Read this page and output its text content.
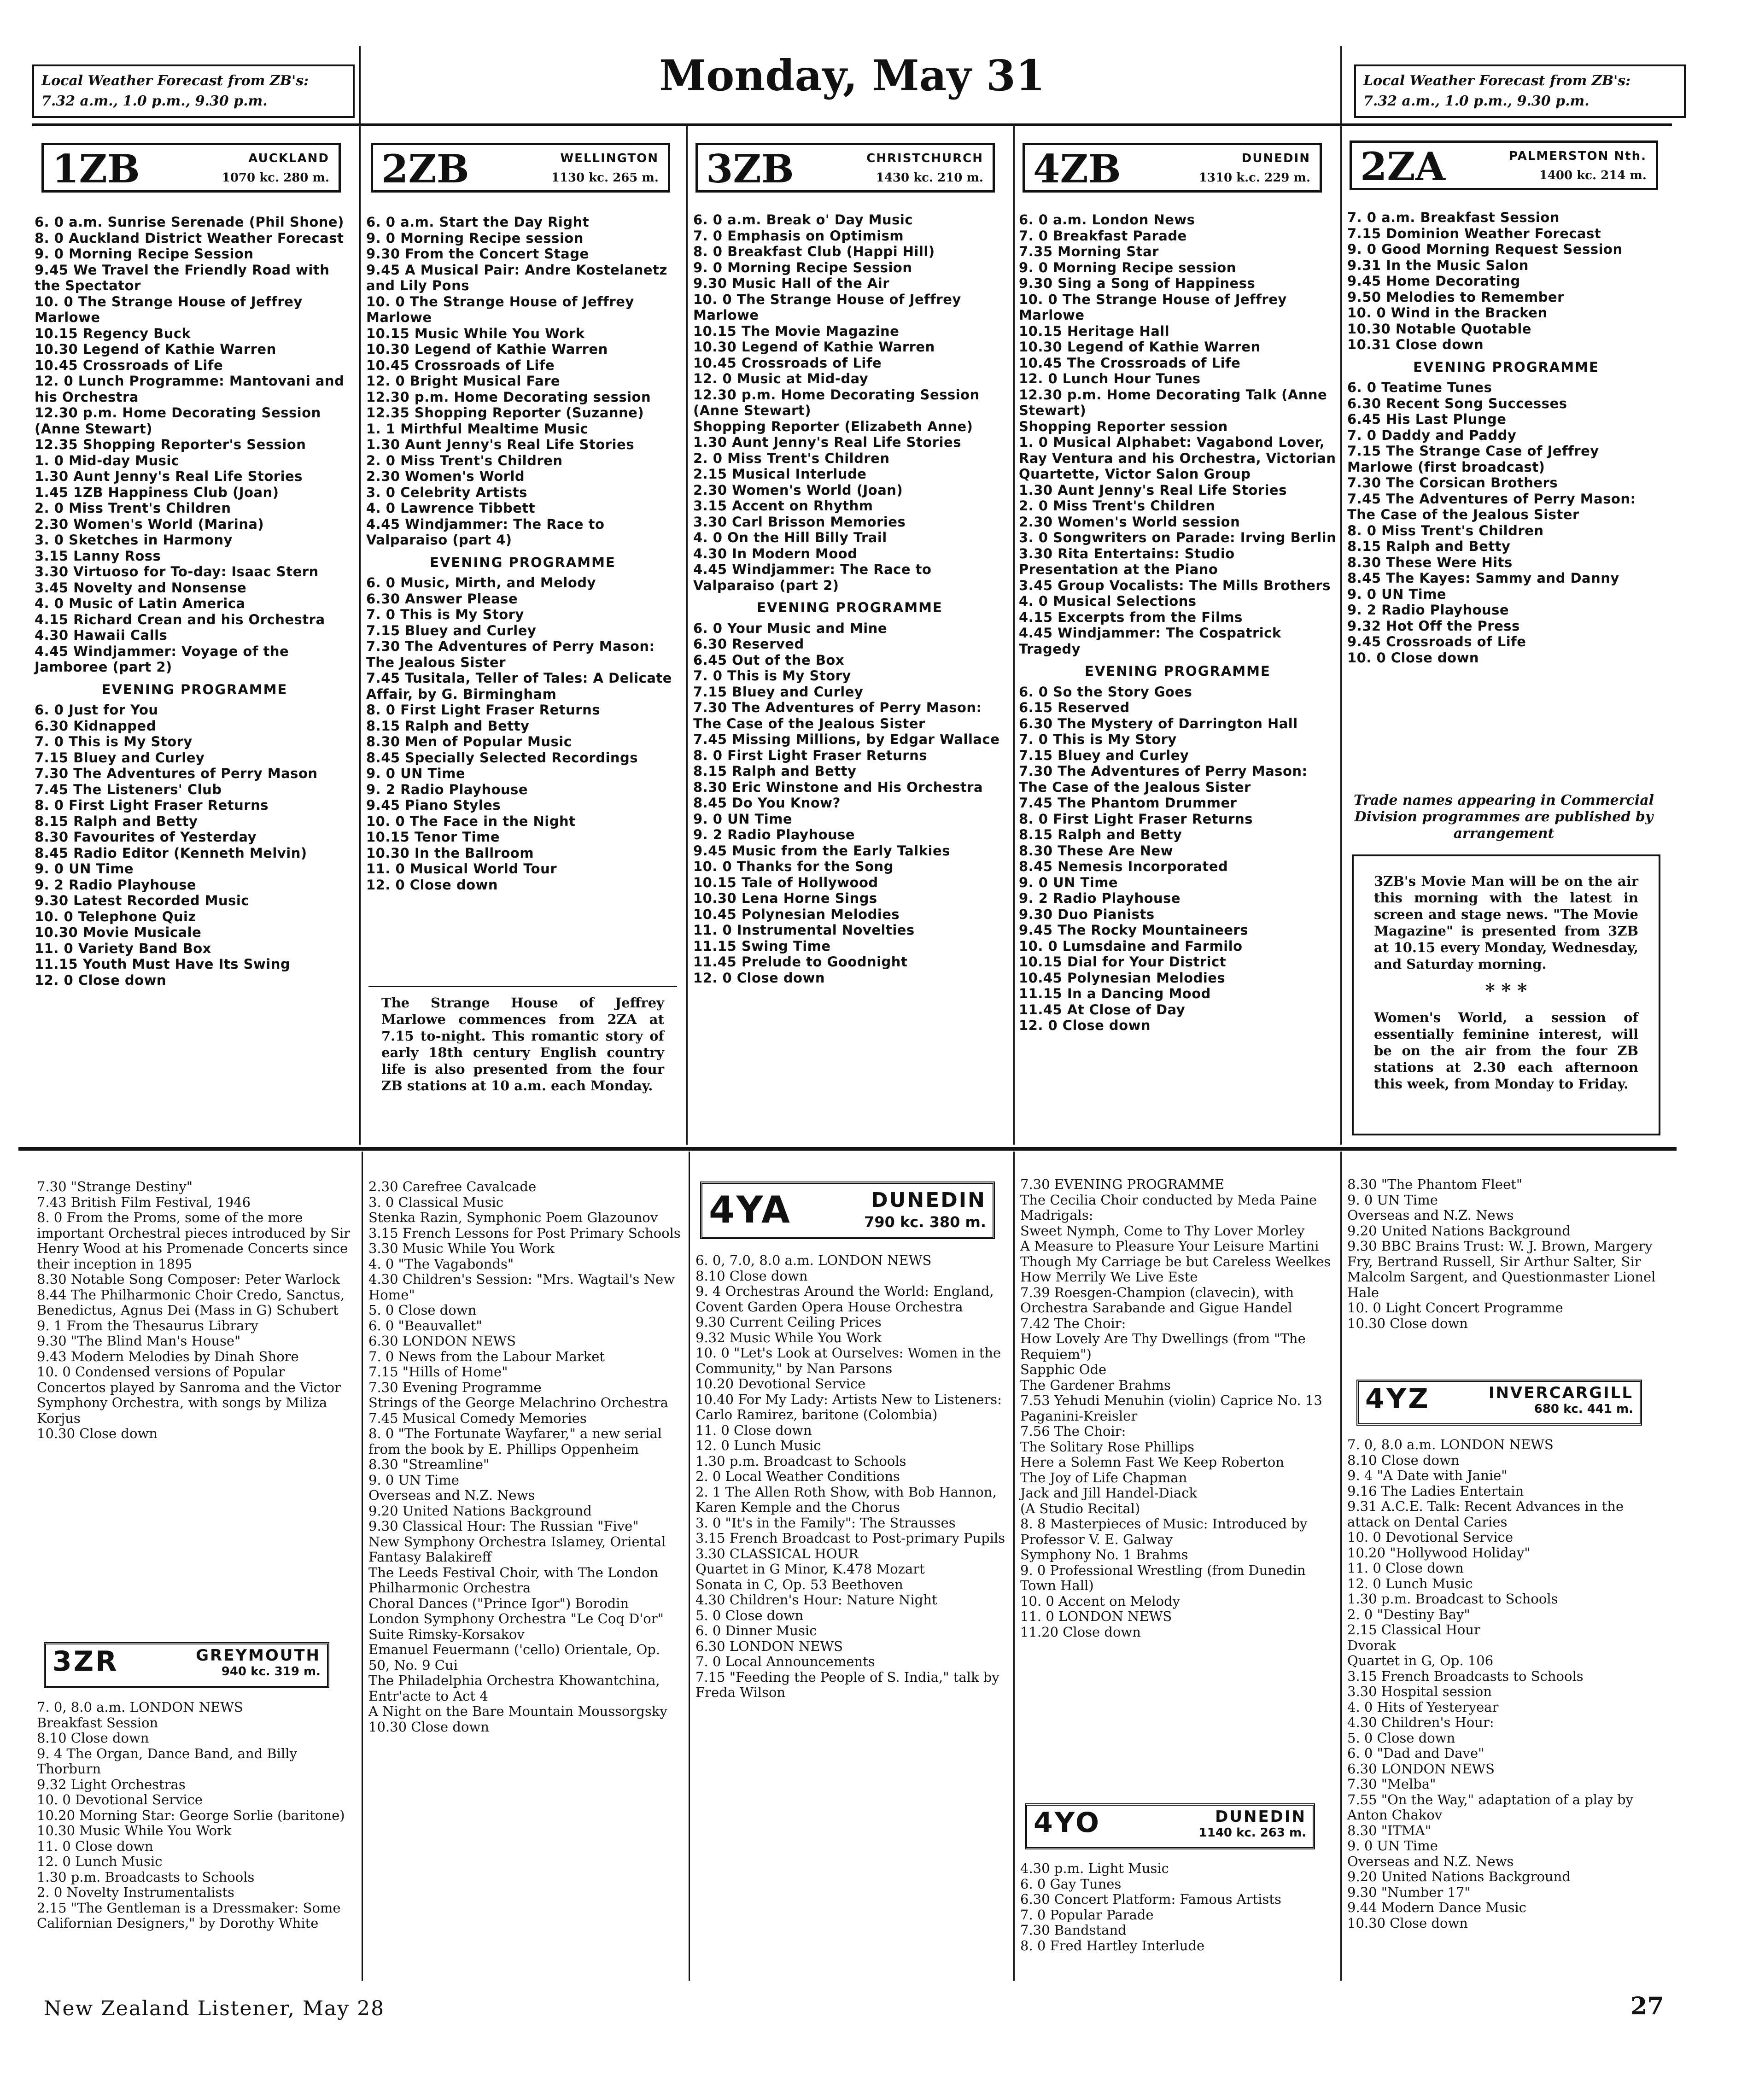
Local Weather Forecast from ZB's:
7.32 a.m., 1.0 p.m., 9.30 p.m.
Monday, May 31	Local Weather Forecast from ZB's:
7.32 a.m., 1.0 p.m., 9.30 p.m.
1ZB	AUCKLAND
1070 kc. 280 m. 2ZB	WELLINGTON
1130 kc. 265 m. 3ZB	CHRISTCHURCH
1430 kc. 210 m. 4ZB	DUNEDIN
1310 k.c. 229 m. 2ZA	PALMERSTON Nth.
1400 kc. 214 m.
6. 0 a.m. Sunrise Serenade (Phil Shone)
8. 0 Auckland District Weather Forecast
9. 0 Morning Recipe Session
9.45 We Travel the Friendly Road with the Spectator
10. 0 The Strange House of Jeffrey Marlowe
10.15 Regency Buck
10.30 Legend of Kathie Warren
10.45 Crossroads of Life
12. 0 Lunch Programme: Mantovani and his Orchestra
12.30 p.m. Home Decorating Session (Anne Stewart)
12.35 Shopping Reporter's Session
1. 0 Mid-day Music
1.30 Aunt Jenny's Real Life Stories
1.45 1ZB Happiness Club (Joan)
2. 0 Miss Trent's Children
2.30 Women's World (Marina)
3. 0 Sketches in Harmony
3.15 Lanny Ross
3.30 Virtuoso for To-day: Isaac Stern
3.45 Novelty and Nonsense
4. 0 Music of Latin America
4.15 Richard Crean and his Orchestra
4.30 Hawaii Calls
4.45 Windjammer: Voyage of the Jamboree (part 2)
EVENING PROGRAMME
6. 0 Just for You
6.30 Kidnapped
7. 0 This is My Story
7.15 Bluey and Curley
7.30 The Adventures of Perry Mason
7.45 The Listeners' Club
8. 0 First Light Fraser Returns
8.15 Ralph and Betty
8.30 Favourites of Yesterday
8.45 Radio Editor (Kenneth Melvin)
9. 0 UN Time
9. 2 Radio Playhouse
9.30 Latest Recorded Music
10. 0 Telephone Quiz
10.30 Movie Musicale
11. 0 Variety Band Box
11.15 Youth Must Have Its Swing
12. 0 Close down
6. 0 a.m. Start the Day Right
9. 0 Morning Recipe session
9.30 From the Concert Stage
9.45 A Musical Pair: Andre Kostelanetz and Lily Pons
10. 0 The Strange House of Jeffrey Marlowe
10.15 Music While You Work
10.30 Legend of Kathie Warren
10.45 Crossroads of Life
12. 0 Bright Musical Fare
12.30 p.m. Home Decorating session
12.35 Shopping Reporter (Suzanne)
1. 1 Mirthful Mealtime Music
1.30 Aunt Jenny's Real Life Stories
2. 0 Miss Trent's Children
2.30 Women's World
3. 0 Celebrity Artists
4. 0 Lawrence Tibbett
4.45 Windjammer: The Race to Valparaiso (part 4)
EVENING PROGRAMME
6. 0 Music, Mirth, and Melody
6.30 Answer Please
7. 0 This is My Story
7.15 Bluey and Curley
7.30 The Adventures of Perry Mason: The Jealous Sister
7.45 Tusitala, Teller of Tales: A Delicate Affair, by G. Birmingham
8. 0 First Light Fraser Returns
8.15 Ralph and Betty
8.30 Men of Popular Music
8.45 Specially Selected Recordings
9. 0 UN Time
9. 2 Radio Playhouse
9.45 Piano Styles
10. 0 The Face in the Night
10.15 Tenor Time
10.30 In the Ballroom
11. 0 Musical World Tour
12. 0 Close down
6. 0 a.m. Break o' Day Music
7. 0 Emphasis on Optimism
8. 0 Breakfast Club (Happi Hill)
9. 0 Morning Recipe Session
9.30 Music Hall of the Air
10. 0 The Strange House of Jeffrey Marlowe
10.15 The Movie Magazine
10.30 Legend of Kathie Warren
10.45 Crossroads of Life
12. 0 Music at Mid-day
12.30 p.m. Home Decorating Session (Anne Stewart)
Shopping Reporter (Elizabeth Anne)
1.30 Aunt Jenny's Real Life Stories
2. 0 Miss Trent's Children
2.15 Musical Interlude
2.30 Women's World (Joan)
3.15 Accent on Rhythm
3.30 Carl Brisson Memories
4. 0 On the Hill Billy Trail
4.30 In Modern Mood
4.45 Windjammer: The Race to Valparaiso (part 2)
EVENING PROGRAMME
6. 0 Your Music and Mine
6.30 Reserved
6.45 Out of the Box
7. 0 This is My Story
7.15 Bluey and Curley
7.30 The Adventures of Perry Mason: The Case of the Jealous Sister
7.45 Missing Millions, by Edgar Wallace
8. 0 First Light Fraser Returns
8.15 Ralph and Betty
8.30 Eric Winstone and His Orchestra
8.45 Do You Know?
9. 0 UN Time
9. 2 Radio Playhouse
9.45 Music from the Early Talkies
10. 0 Thanks for the Song
10.15 Tale of Hollywood
10.30 Lena Horne Sings
10.45 Polynesian Melodies
11. 0 Instrumental Novelties
11.15 Swing Time
11.45 Prelude to Goodnight
12. 0 Close down
6. 0 a.m. London News
7. 0 Breakfast Parade
7.35 Morning Star
9. 0 Morning Recipe session
9.30 Sing a Song of Happiness
10. 0 The Strange House of Jeffrey Marlowe
10.15 Heritage Hall
10.30 Legend of Kathie Warren
10.45 The Crossroads of Life
12. 0 Lunch Hour Tunes
12.30 p.m. Home Decorating Talk (Anne Stewart)
Shopping Reporter session
1. 0 Musical Alphabet: Vagabond Lover, Ray Ventura and his Orchestra, Victorian Quartette, Victor Salon Group
1.30 Aunt Jenny's Real Life Stories
2. 0 Miss Trent's Children
2.30 Women's World session
3. 0 Songwriters on Parade: Irving Berlin
3.30 Rita Entertains: Studio Presentation at the Piano
3.45 Group Vocalists: The Mills Brothers
4. 0 Musical Selections
4.15 Excerpts from the Films
4.45 Windjammer: The Cospatrick Tragedy
EVENING PROGRAMME
6. 0 So the Story Goes
6.15 Reserved
6.30 The Mystery of Darrington Hall
7. 0 This is My Story
7.15 Bluey and Curley
7.30 The Adventures of Perry Mason: The Case of the Jealous Sister
7.45 The Phantom Drummer
8. 0 First Light Fraser Returns
8.15 Ralph and Betty
8.30 These Are New
8.45 Nemesis Incorporated
9. 0 UN Time
9. 2 Radio Playhouse
9.30 Duo Pianists
9.45 The Rocky Mountaineers
10. 0 Lumsdaine and Farmilo
10.15 Dial for Your District
10.45 Polynesian Melodies
11.15 In a Dancing Mood
11.45 At Close of Day
12. 0 Close down
7. 0 a.m. Breakfast Session
7.15 Dominion Weather Forecast
9. 0 Good Morning Request Session
9.31 In the Music Salon
9.45 Home Decorating
9.50 Melodies to Remember
10. 0 Wind in the Bracken
10.30 Notable Quotable
10.31 Close down
EVENING PROGRAMME
6. 0 Teatime Tunes
6.30 Recent Song Successes
6.45 His Last Plunge
7. 0 Daddy and Paddy
7.15 The Strange Case of Jeffrey Marlowe (first broadcast)
7.30 The Corsican Brothers
7.45 The Adventures of Perry Mason: The Case of the Jealous Sister
8. 0 Miss Trent's Children
8.15 Ralph and Betty
8.30 These Were Hits
8.45 The Kayes: Sammy and Danny
9. 0 UN Time
9. 2 Radio Playhouse
9.32 Hot Off the Press
9.45 Crossroads of Life
10. 0 Close down
The Strange House of Jeffrey Marlowe commences from 2ZA at 7.15 to-night. This romantic story of early 18th century English country life is also presented from the four ZB stations at 10 a.m. each Monday.
Trade names appearing in Commercial Division programmes are published by arrangement
3ZB's Movie Man will be on the air this morning with the latest in screen and stage news. "The Movie Magazine" is presented from 3ZB at 10.15 every Monday, Wednesday, and Saturday morning.
* * *
Women's World, a session of essentially feminine interest, will be on the air from the four ZB stations at 2.30 each afternoon this week, from Monday to Friday.
7.30 "Strange Destiny"
7.43 British Film Festival, 1946
8. 0 From the Proms, some of the more important Orchestral pieces introduced by Sir Henry Wood at his Promenade Concerts since their inception in 1895
8.30 Notable Song Composer: Peter Warlock
8.44 The Philharmonic Choir Credo, Sanctus, Benedictus, Agnus Dei (Mass in G) Schubert
9. 1 From the Thesaurus Library
9.30 "The Blind Man's House"
9.43 Modern Melodies by Dinah Shore
10. 0 Condensed versions of Popular Concertos played by Sanroma and the Victor Symphony Orchestra, with songs by Miliza Korjus
10.30 Close down
3ZR	GREYMOUTH
940 kc. 319 m.
7. 0, 8.0 a.m. LONDON NEWS
Breakfast Session
8.10 Close down
9. 4 The Organ, Dance Band, and Billy Thorburn
9.32 Light Orchestras
10. 0 Devotional Service
10.20 Morning Star: George Sorlie (baritone)
10.30 Music While You Work
11. 0 Close down
12. 0 Lunch Music
1.30 p.m. Broadcasts to Schools
2. 0 Novelty Instrumentalists
2.15 "The Gentleman is a Dressmaker: Some Californian Designers," by Dorothy White
2.30 Carefree Cavalcade
3. 0 Classical Music
Stenka Razin, Symphonic Poem Glazounov
3.15 French Lessons for Post Primary Schools
3.30 Music While You Work
4. 0 "The Vagabonds"
4.30 Children's Session: "Mrs. Wagtail's New Home"
5. 0 Close down
6. 0 "Beauvallet"
6.30 LONDON NEWS
7. 0 News from the Labour Market
7.15 "Hills of Home"
7.30 Evening Programme
Strings of the George Melachrino Orchestra
7.45 Musical Comedy Memories
8. 0 "The Fortunate Wayfarer," a new serial from the book by E. Phillips Oppenheim
8.30 "Streamline"
9. 0 UN Time
Overseas and N.Z. News
9.20 United Nations Background
9.30 Classical Hour: The Russian "Five"
New Symphony Orchestra Islamey, Oriental Fantasy Balakireff
The Leeds Festival Choir, with The London Philharmonic Orchestra
Choral Dances ("Prince Igor") Borodin
London Symphony Orchestra "Le Coq D'or" Suite Rimsky-Korsakov
Emanuel Feuermann ('cello) Orientale, Op. 50, No. 9 Cui
The Philadelphia Orchestra Khowantchina, Entr'acte to Act 4
A Night on the Bare Mountain Moussorgsky
10.30 Close down
4YA	DUNEDIN
790 kc. 380 m.
6. 0, 7.0, 8.0 a.m. LONDON NEWS
8.10 Close down
9. 4 Orchestras Around the World: England, Covent Garden Opera House Orchestra
9.30 Current Ceiling Prices
9.32 Music While You Work
10. 0 "Let's Look at Ourselves: Women in the Community," by Nan Parsons
10.20 Devotional Service
10.40 For My Lady: Artists New to Listeners: Carlo Ramirez, baritone (Colombia)
11. 0 Close down
12. 0 Lunch Music
1.30 p.m. Broadcast to Schools
2. 0 Local Weather Conditions
2. 1 The Allen Roth Show, with Bob Hannon, Karen Kemple and the Chorus
3. 0 "It's in the Family": The Strausses
3.15 French Broadcast to Post-primary Pupils
3.30 CLASSICAL HOUR
Quartet in G Minor, K.478 Mozart
Sonata in C, Op. 53 Beethoven
4.30 Children's Hour: Nature Night
5. 0 Close down
6. 0 Dinner Music
6.30 LONDON NEWS
7. 0 Local Announcements
7.15 "Feeding the People of S. India," talk by Freda Wilson
7.30 EVENING PROGRAMME
The Cecilia Choir conducted by Meda Paine
Madrigals:
Sweet Nymph, Come to Thy Lover Morley
A Measure to Pleasure Your Leisure Martini
Though My Carriage be but Careless Weelkes
How Merrily We Live Este
7.39 Roesgen-Champion (clavecin), with Orchestra Sarabande and Gigue Handel
7.42 The Choir:
How Lovely Are Thy Dwellings (from "The Requiem")
Sapphic Ode
The Gardener Brahms
7.53 Yehudi Menuhin (violin) Caprice No. 13 Paganini-Kreisler
7.56 The Choir:
The Solitary Rose Phillips
Here a Solemn Fast We Keep Roberton
The Joy of Life Chapman
Jack and Jill Handel-Diack
(A Studio Recital)
8. 8 Masterpieces of Music: Introduced by Professor V. E. Galway
Symphony No. 1 Brahms
9. 0 Professional Wrestling (from Dunedin Town Hall)
10. 0 Accent on Melody
11. 0 LONDON NEWS
11.20 Close down
4YO	DUNEDIN
1140 kc. 263 m.
4.30 p.m. Light Music
6. 0 Gay Tunes
6.30 Concert Platform: Famous Artists
7. 0 Popular Parade
7.30 Bandstand
8. 0 Fred Hartley Interlude
8.30 "The Phantom Fleet"
9. 0 UN Time
Overseas and N.Z. News
9.20 United Nations Background
9.30 BBC Brains Trust: W. J. Brown, Margery Fry, Bertrand Russell, Sir Arthur Salter, Sir Malcolm Sargent, and Questionmaster Lionel Hale
10. 0 Light Concert Programme
10.30 Close down
4YZ	INVERCARGILL
680 kc. 441 m.
7. 0, 8.0 a.m. LONDON NEWS
8.10 Close down
9. 4 "A Date with Janie"
9.16 The Ladies Entertain
9.31 A.C.E. Talk: Recent Advances in the attack on Dental Caries
10. 0 Devotional Service
10.20 "Hollywood Holiday"
11. 0 Close down
12. 0 Lunch Music
1.30 p.m. Broadcast to Schools
2. 0 "Destiny Bay"
2.15 Classical Hour
Dvorak
Quartet in G, Op. 106
3.15 French Broadcasts to Schools
3.30 Hospital session
4. 0 Hits of Yesteryear
4.30 Children's Hour:
5. 0 Close down
6. 0 "Dad and Dave"
6.30 LONDON NEWS
7.30 "Melba"
7.55 "On the Way," adaptation of a play by Anton Chakov
8.30 "ITMA"
9. 0 UN Time
Overseas and N.Z. News
9.20 United Nations Background
9.30 "Number 17"
9.44 Modern Dance Music
10.30 Close down
New Zealand Listener, May 28	27
